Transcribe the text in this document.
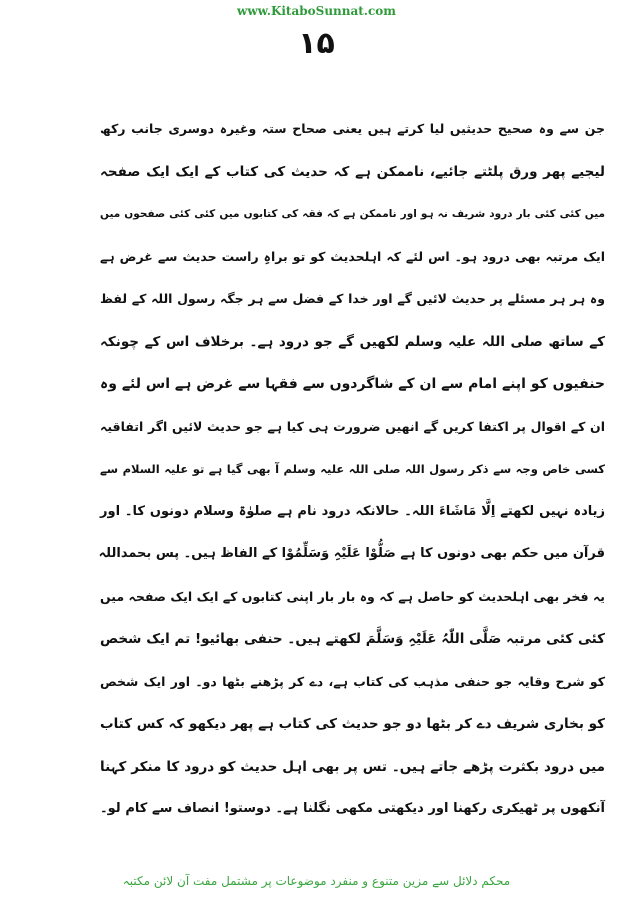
www.KitaboSunnat.com
۱۵
جن سے وہ صحیح حدیثیں لیا کرتے ہیں یعنی صحاح ستہ وغیرہ دوسری جانب رکھ
لیجیے پھر ورق پلٹتے جائیے، ناممکن ہے کہ حدیث کی کتاب کے ایک ایک صفحہ
میں کئی کئی بار درود شریف نہ ہو اور ناممکن ہے کہ فقہ کی کتابوں میں کئی کئی صفحوں میں
ایک مرتبہ بھی درود ہو۔ اس لئے کہ اہلحدیث کو تو براہِ راست حدیث سے غرض ہے
وہ ہر ہر مسئلے پر حدیث لائیں گے اور خدا کے فضل سے ہر جگہ رسول اللہ کے لفظ
کے ساتھ صلی اللہ علیہ وسلم لکھیں گے جو درود ہے۔ برخلاف اس کے چونکہ
حنفیوں کو اپنے امام سے ان کے شاگردوں سے فقہا سے غرض ہے اس لئے وہ
ان کے اقوال پر اکتفا کریں گے انھیں ضرورت ہی کیا ہے جو حدیث لائیں اگر اتفاقیہ
کسی خاص وجہ سے ذکر رسول اللہ صلی اللہ علیہ وسلم آ بھی گیا ہے تو علیہ السلام سے
زیادہ نہیں لکھتے اِلَّا مَاشَاءَ اللہ۔ حالانکہ درود نام ہے صلوٰۃ وسلام دونوں کا۔ اور
قرآن میں حکم بھی دونوں کا ہے صَلُّوْا عَلَیْہِ وَسَلِّمُوْا کے الفاظ ہیں۔ پس بحمداللہ
یہ فخر بھی اہلحدیث کو حاصل ہے کہ وہ بار بار اپنی کتابوں کے ایک ایک صفحہ میں
کئی کئی مرتبہ صَلَّی اللّٰہُ عَلَیْہِ وَسَلَّمَ لکھتے ہیں۔ حنفی بھائیو! تم ایک شخص
کو شرح وقایہ جو حنفی مذہب کی کتاب ہے، دے کر پڑھنے بٹھا دو۔ اور ایک شخص
کو بخاری شریف دے کر بٹھا دو جو حدیث کی کتاب ہے پھر دیکھو کہ کس کتاب
میں درود بکثرت پڑھے جاتے ہیں۔ تس پر بھی اہل حدیث کو درود کا منکر کہنا
آنکھوں پر ٹھیکری رکھنا اور دیکھتی مکھی نگلنا ہے۔ دوستو! انصاف سے کام لو۔
محکم دلائل سے مزین متنوع و منفرد موضوعات پر مشتمل مفت آن لائن مکتبہ
